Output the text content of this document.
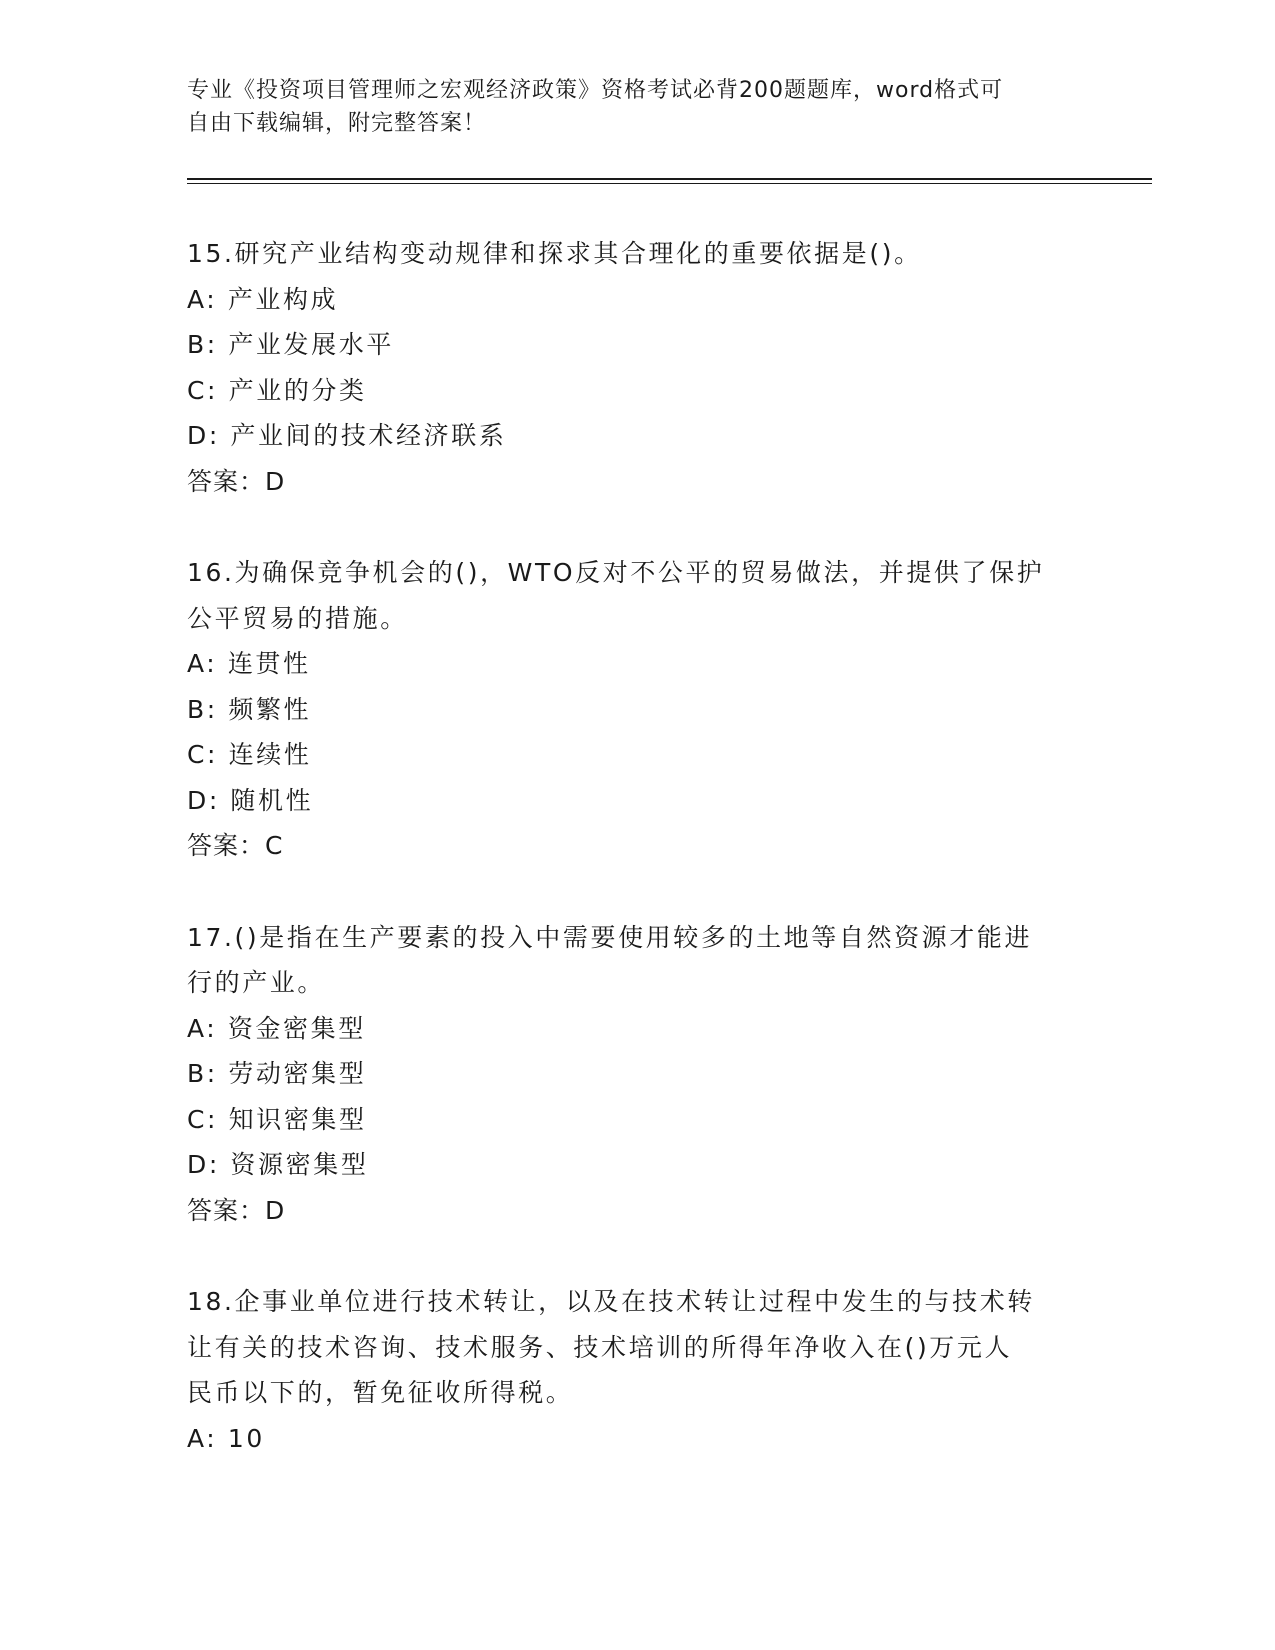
专业《投资项目管理师之宏观经济政策》资格考试必背200题题库，word格式可
自由下载编辑，附完整答案！
15.研究产业结构变动规律和探求其合理化的重要依据是()。
A: 产业构成
B: 产业发展水平
C: 产业的分类
D: 产业间的技术经济联系
答案：D
16.为确保竞争机会的()，WTO反对不公平的贸易做法，并提供了保护
公平贸易的措施。
A: 连贯性
B: 频繁性
C: 连续性
D: 随机性
答案：C
17.()是指在生产要素的投入中需要使用较多的土地等自然资源才能进
行的产业。
A: 资金密集型
B: 劳动密集型
C: 知识密集型
D: 资源密集型
答案：D
18.企事业单位进行技术转让，以及在技术转让过程中发生的与技术转
让有关的技术咨询、技术服务、技术培训的所得年净收入在()万元人
民币以下的，暂免征收所得税。
A: 10
